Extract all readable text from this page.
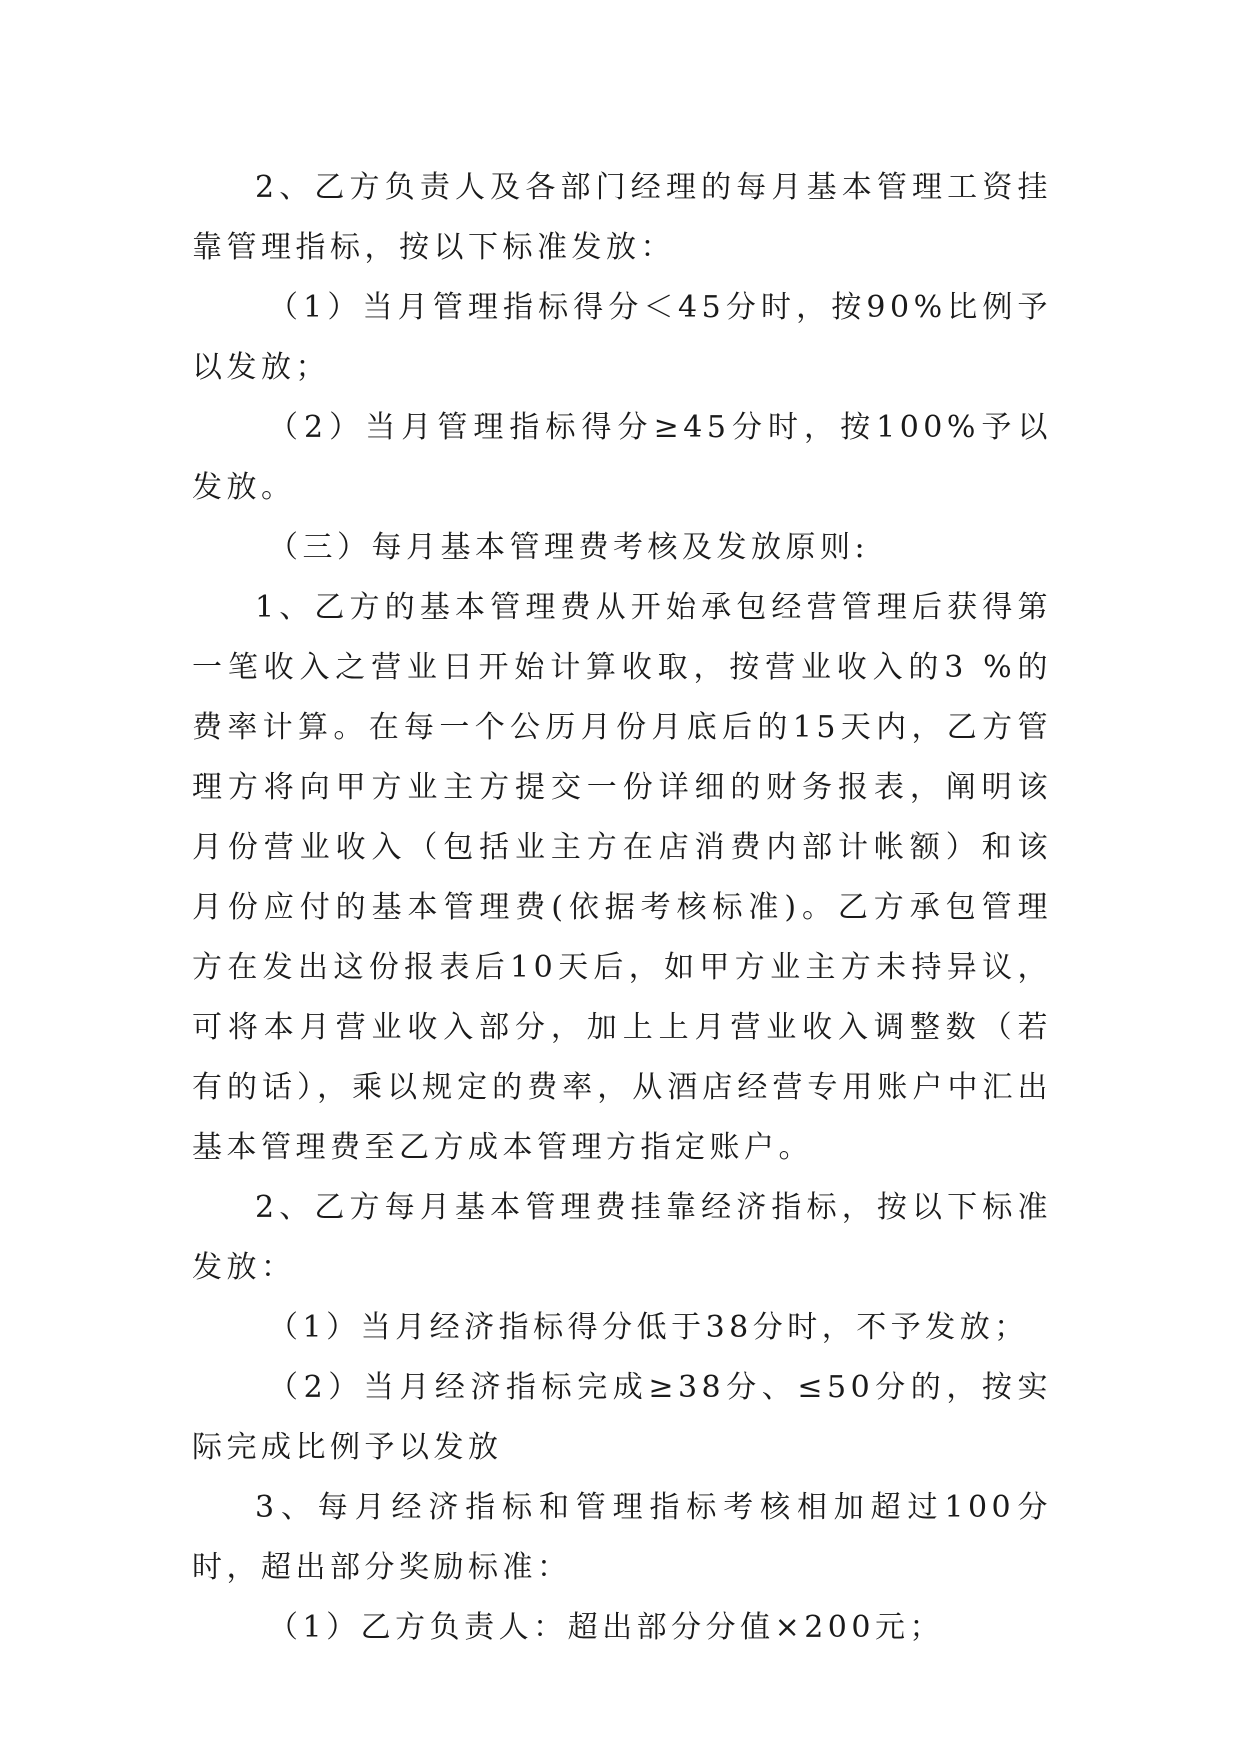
2、乙方负责人及各部门经理的每月基本管理工资挂靠管理指标，按以下标准发放：

（1）当月管理指标得分＜45分时，按90%比例予以发放；

（2）当月管理指标得分≥45分时，按100%予以发放。

（三）每月基本管理费考核及发放原则:

1、乙方的基本管理费从开始承包经营管理后获得第一笔收入之营业日开始计算收取，按营业收入的3 %的费率计算。在每一个公历月份月底后的15天内，乙方管理方将向甲方业主方提交一份详细的财务报表，阐明该月份营业收入（包括业主方在店消费内部计帐额）和该月份应付的基本管理费(依据考核标准)。乙方承包管理方在发出这份报表后10天后，如甲方业主方未持异议，可将本月营业收入部分，加上上月营业收入调整数（若有的话），乘以规定的费率，从酒店经营专用账户中汇出基本管理费至乙方成本管理方指定账户。

2、乙方每月基本管理费挂靠经济指标，按以下标准发放：

（1）当月经济指标得分低于38分时，不予发放；

（2）当月经济指标完成≥38分、≤50分的，按实际完成比例予以发放

3、每月经济指标和管理指标考核相加超过100分时，超出部分奖励标准：

（1）乙方负责人：超出部分分值×200元；
